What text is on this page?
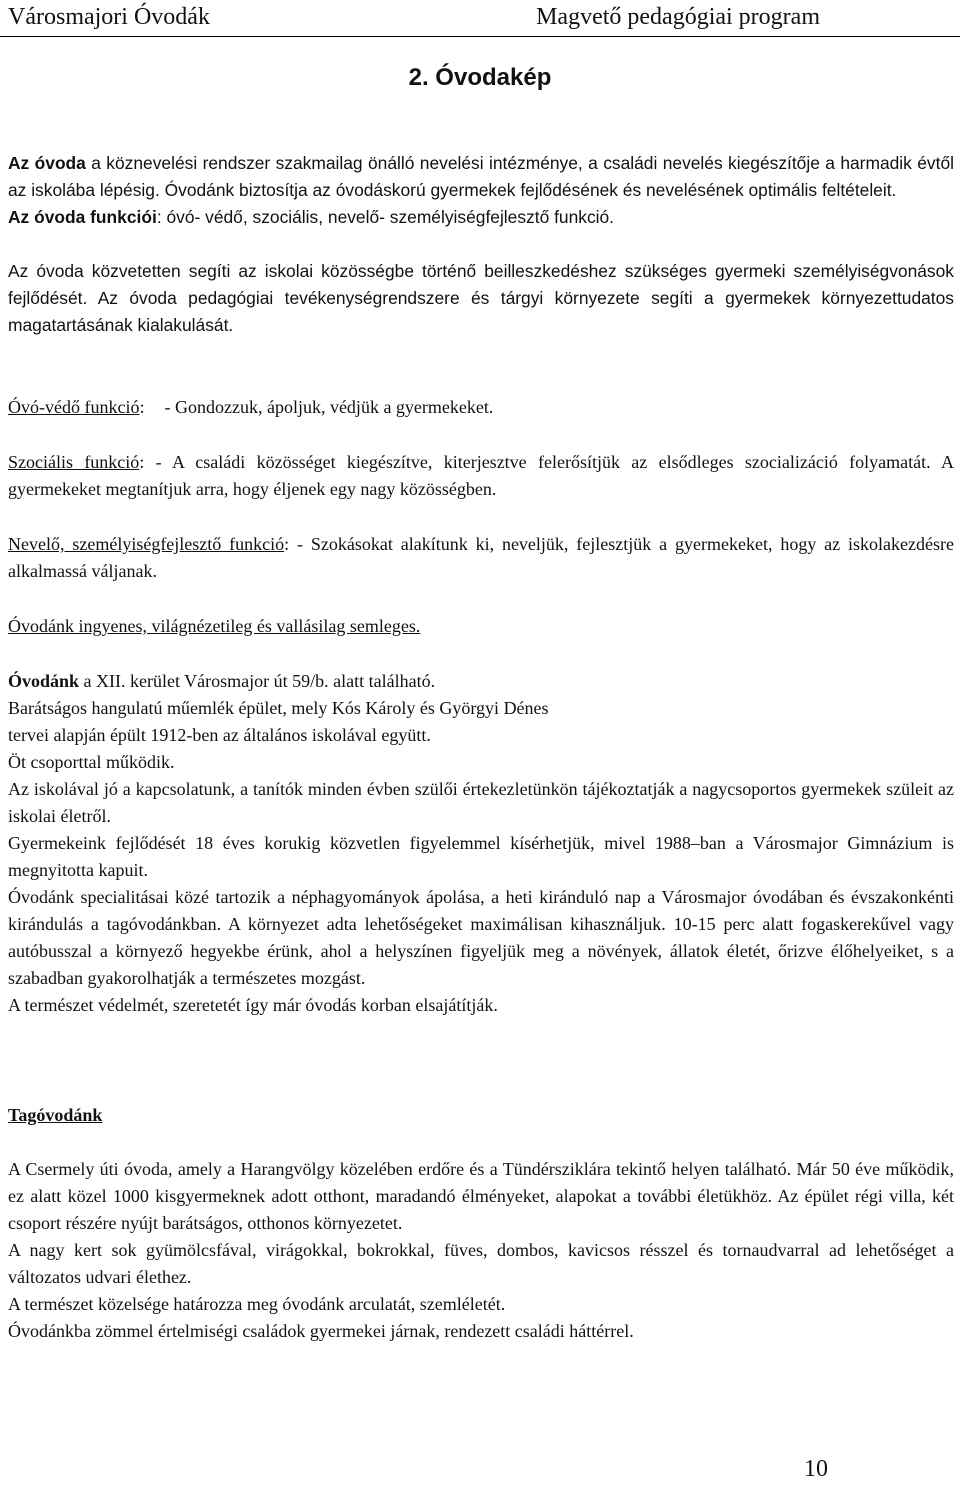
Városmajori Óvodák	Magvető pedagógiai program
2. Óvodakép
Az óvoda a köznevelési rendszer szakmailag önálló nevelési intézménye, a családi nevelés kiegészítője a harmadik évtől az iskolába lépésig. Óvodánk biztosítja az óvodáskorú gyermekek fejlődésének és nevelésének optimális feltételeit.
Az óvoda funkciói: óvó- védő, szociális, nevelő- személyiségfejlesztő funkció.
Az óvoda közvetetten segíti az iskolai közösségbe történő beilleszkedéshez szükséges gyermeki személyiségvonások fejlődését. Az óvoda pedagógiai tevékenységrendszere és tárgyi környezete segíti a gyermekek környezettudatos magatartásának kialakulását.
Óvó-védő funkció: - Gondozzuk, ápoljuk, védjük a gyermekeket.
Szociális funkció: - A családi közösséget kiegészítve, kiterjesztve felerősítjük az elsődleges szocializáció folyamatát. A gyermekeket megtanítjuk arra, hogy éljenek egy nagy közösségben.
Nevelő, személyiségfejlesztő funkció: - Szokásokat alakítunk ki, neveljük, fejlesztjük a gyermekeket, hogy az iskolakezdésre alkalmassá váljanak.
Óvodánk ingyenes, világnézetileg és vallásilag semleges.
Óvodánk a XII. kerület Városmajor út 59/b. alatt található.
Barátságos hangulatú műemlék épület, mely Kós Károly és Györgyi Dénes
tervei alapján épült 1912-ben az általános iskolával együtt.
Öt csoporttal működik.
Az iskolával jó a kapcsolatunk, a tanítók minden évben szülői értekezletünkön tájékoztatják a nagycsoportos gyermekek szüleit az iskolai életről.
Gyermekeink fejlődését 18 éves korukig közvetlen figyelemmel kísérhetjük, mivel 1988–ban a Városmajor Gimnázium is megnyitotta kapuit.
Óvodánk specialitásai közé tartozik a néphagyományok ápolása, a heti kiránduló nap a Városmajor óvodában és évszakonkénti kirándulás a tagóvodánkban. A környezet adta lehetőségeket maximálisan kihasználjuk. 10-15 perc alatt fogaskerekűvel vagy autóbusszal a környező hegyekbe érünk, ahol a helyszínen figyeljük meg a növények, állatok életét, őrizve élőhelyeiket, s a szabadban gyakorolhatják a természetes mozgást.
A természet védelmét, szeretetét így már óvodás korban elsajátítják.
Tagóvodánk
A Csermely úti óvoda, amely a Harangvölgy közelében erdőre és a Tündérsziklára tekintő helyen található. Már 50 éve működik, ez alatt közel 1000 kisgyermeknek adott otthont, maradandó élményeket, alapokat a további életükhöz. Az épület régi villa, két csoport részére nyújt barátságos, otthonos környezetet.
A nagy kert sok gyümölcsfával, virágokkal, bokrokkal, füves, dombos, kavicsos résszel és tornaudvarral ad lehetőséget a változatos udvari élethez.
A természet közelsége határozza meg óvodánk arculatát, szemléletét.
Óvodánkba zömmel értelmiségi családok gyermekei járnak, rendezett családi háttérrel.
10
